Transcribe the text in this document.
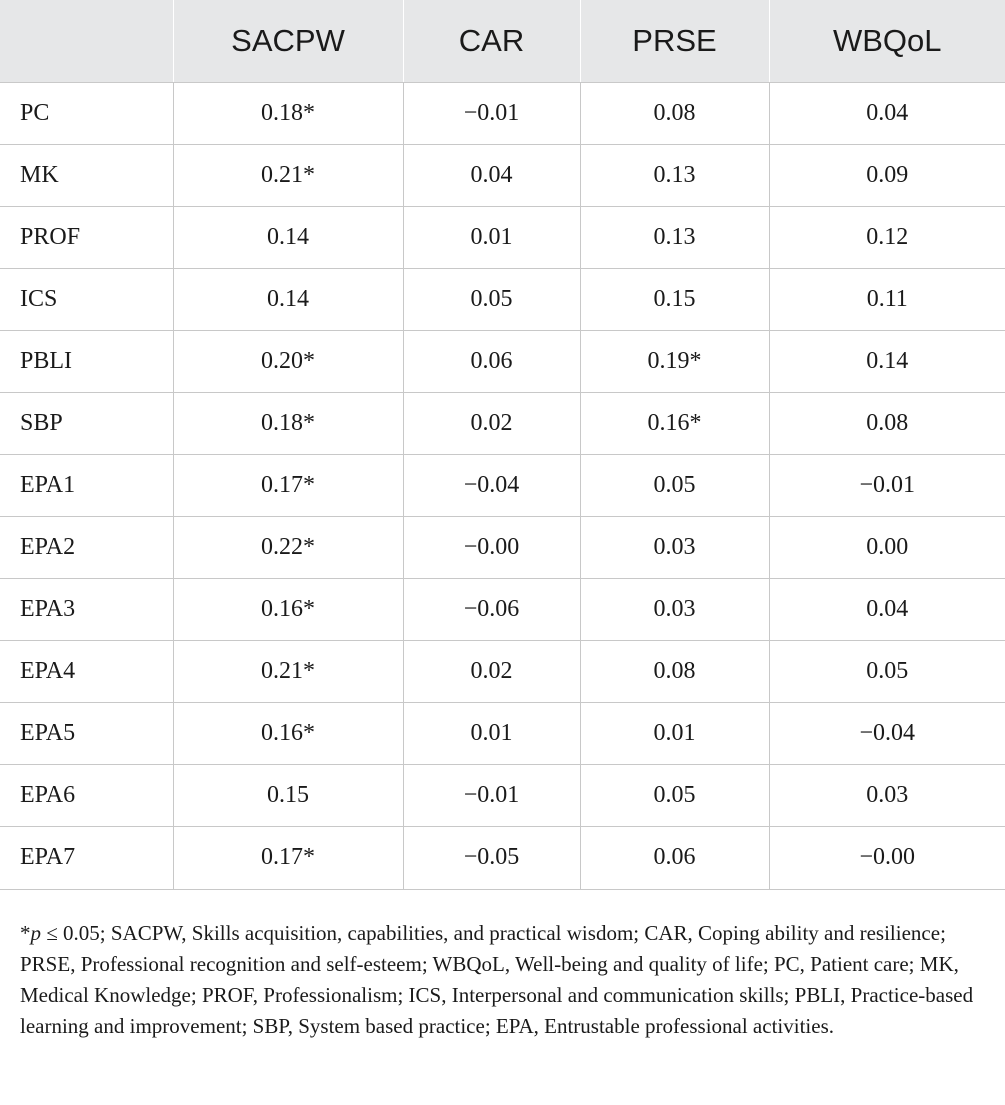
	SACPW	CAR	PRSE	WBQoL
PC	0.18*	−0.01	0.08	0.04
MK	0.21*	0.04	0.13	0.09
PROF	0.14	0.01	0.13	0.12
ICS	0.14	0.05	0.15	0.11
PBLI	0.20*	0.06	0.19*	0.14
SBP	0.18*	0.02	0.16*	0.08
EPA1	0.17*	−0.04	0.05	−0.01
EPA2	0.22*	−0.00	0.03	0.00
EPA3	0.16*	−0.06	0.03	0.04
EPA4	0.21*	0.02	0.08	0.05
EPA5	0.16*	0.01	0.01	−0.04
EPA6	0.15	−0.01	0.05	0.03
EPA7	0.17*	−0.05	0.06	−0.00
*p ≤ 0.05; SACPW, Skills acquisition, capabilities, and practical wisdom; CAR, Coping ability and resilience; PRSE, Professional recognition and self-esteem; WBQoL, Well-being and quality of life; PC, Patient care; MK, Medical Knowledge; PROF, Professionalism; ICS, Interpersonal and communication skills; PBLI, Practice-based learning and improvement; SBP, System based practice; EPA, Entrustable professional activities.
